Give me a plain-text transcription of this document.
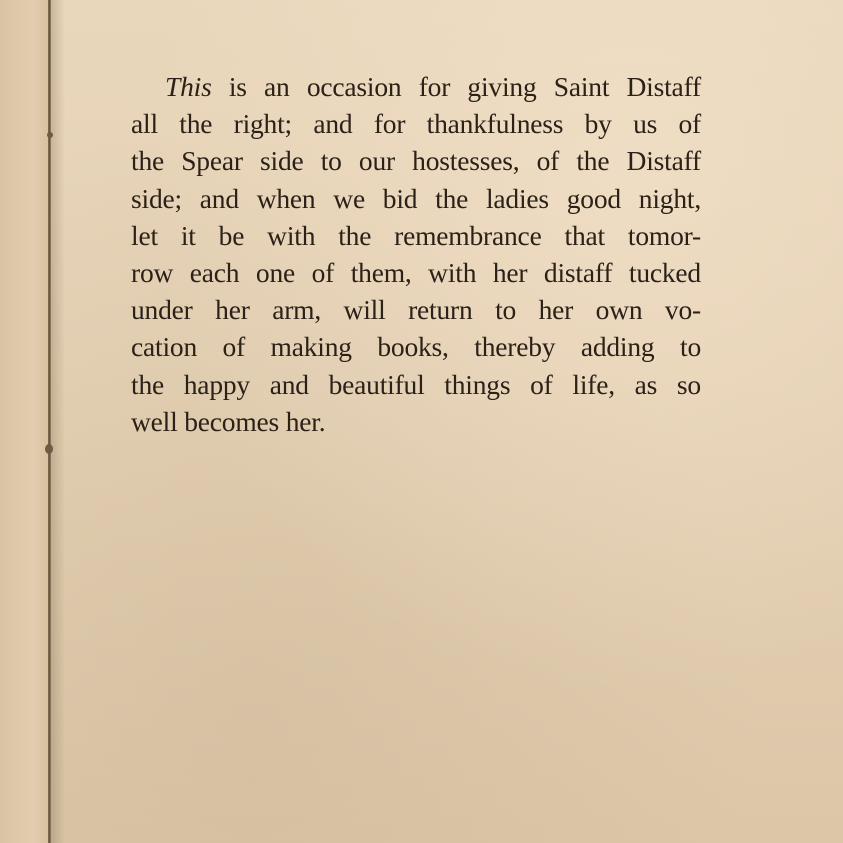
This is an occasion for giving Saint Distaff
all the right; and for thankfulness by us of
the Spear side to our hostesses, of the Distaff
side; and when we bid the ladies good night,
let it be with the remembrance that tomor-
row each one of them, with her distaff tucked
under her arm, will return to her own vo-
cation of making books, thereby adding to
the happy and beautiful things of life, as so
well becomes her.
